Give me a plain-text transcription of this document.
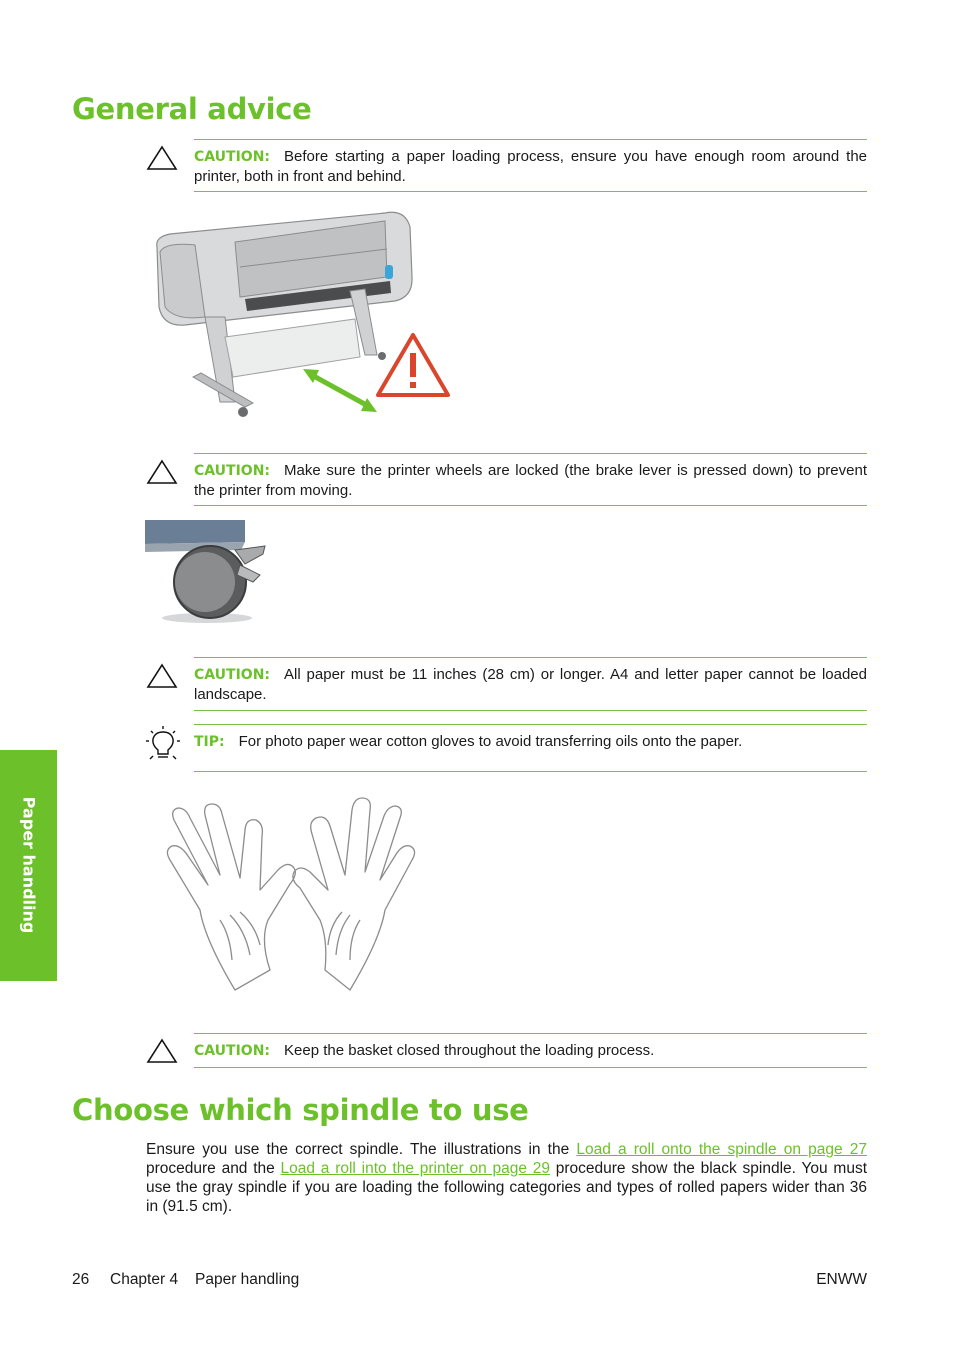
General advice
CAUTION: Before starting a paper loading process, ensure you have enough room around the printer, both in front and behind.
CAUTION: Make sure the printer wheels are locked (the brake lever is pressed down) to prevent the printer from moving.
CAUTION: All paper must be 11 inches (28 cm) or longer. A4 and letter paper cannot be loaded landscape.
TIP: For photo paper wear cotton gloves to avoid transferring oils onto the paper.
CAUTION: Keep the basket closed throughout the loading process.
Choose which spindle to use
Ensure you use the correct spindle. The illustrations in the Load a roll onto the spindle on page 27 procedure and the Load a roll into the printer on page 29 procedure show the black spindle. You must use the gray spindle if you are loading the following categories and types of rolled papers wider than 36 in (91.5 cm).
Paper handling
26 Chapter 4 Paper handling	ENWW
